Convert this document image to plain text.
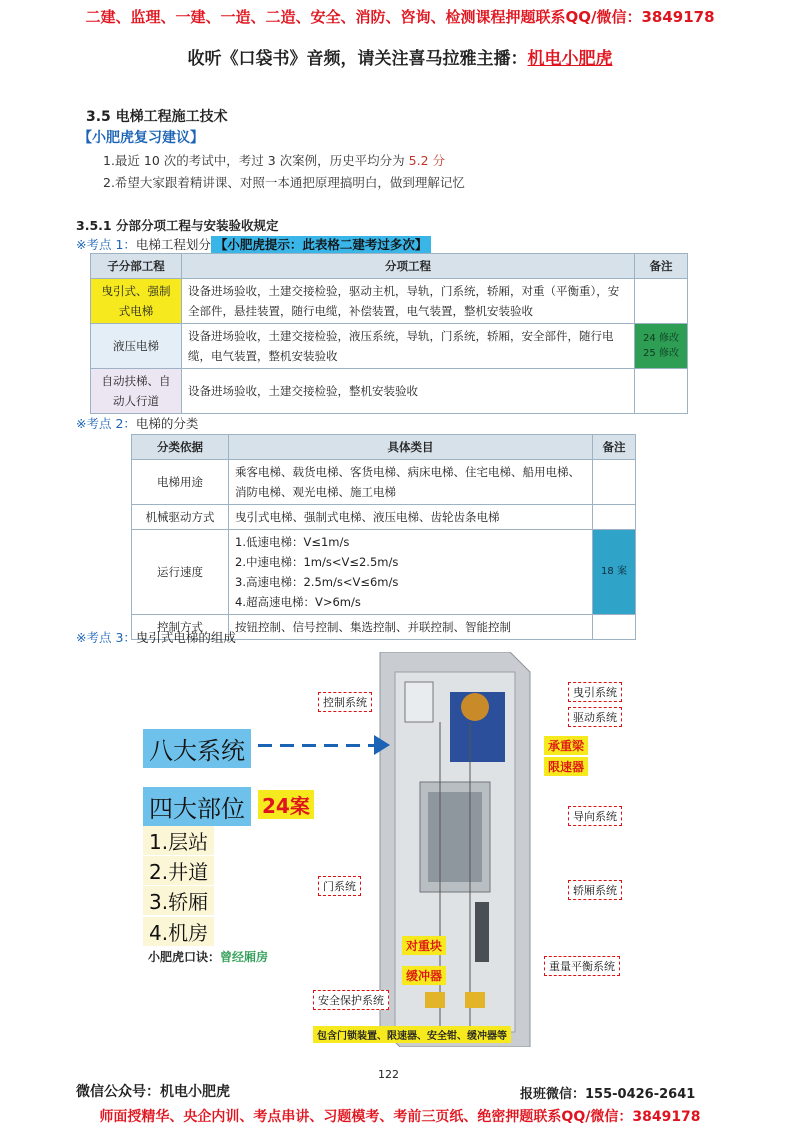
二建、监理、一建、一造、二造、安全、消防、咨询、检测课程押题联系QQ/微信：3849178
收听《口袋书》音频，请关注喜马拉雅主播：机电小肥虎
3.5 电梯工程施工技术
【小肥虎复习建议】
1.最近 10 次的考试中，考过 3 次案例，历史平均分为 5.2 分
2.希望大家跟着精讲课、对照一本通把原理搞明白，做到理解记忆
3.5.1 分部分项工程与安装验收规定
※考点 1：电梯工程划分 【小肥虎提示：此表格二建考过多次】
子分部工程	分项工程	备注
曳引式、强制式电梯	设备进场验收，土建交接检验，驱动主机，导轨，门系统，轿厢，对重（平衡重），安全部件，悬挂装置，随行电缆，补偿装置，电气装置，整机安装验收	
液压电梯	设备进场验收，土建交接检验，液压系统，导轨，门系统，轿厢，安全部件，随行电缆，电气装置，整机安装验收	24 修改 25 修改
自动扶梯、自动人行道	设备进场验收，土建交接检验，整机安装验收	
※考点 2：电梯的分类
分类依据	具体类目	备注
电梯用途	乘客电梯、载货电梯、客货电梯、病床电梯、住宅电梯、船用电梯、消防电梯、观光电梯、施工电梯	
机械驱动方式	曳引式电梯、强制式电梯、液压电梯、齿轮齿条电梯	
运行速度	1.低速电梯：V≤1m/s
2.中速电梯：1m/s<V≤2.5m/s
3.高速电梯：2.5m/s<V≤6m/s
4.超高速电梯：V>6m/s	18 案
控制方式	按钮控制、信号控制、集选控制、并联控制、智能控制	
※考点 3：曳引式电梯的组成
八大系统
四大部位 24案
1.层站
2.井道
3.轿厢
4.机房
小肥虎口诀：曾经厢房
控制系统
曳引系统
驱动系统
承重梁
限速器
导向系统
门系统	轿厢系统
对重块
缓冲器
重量平衡系统
安全保护系统
包含门锁装置、限速器、安全钳、缓冲器等
122
微信公众号：机电小肥虎	报班微信：155-0426-2641
师面授精华、央企内训、考点串讲、习题模考、考前三页纸、绝密押题联系QQ/微信：3849178
